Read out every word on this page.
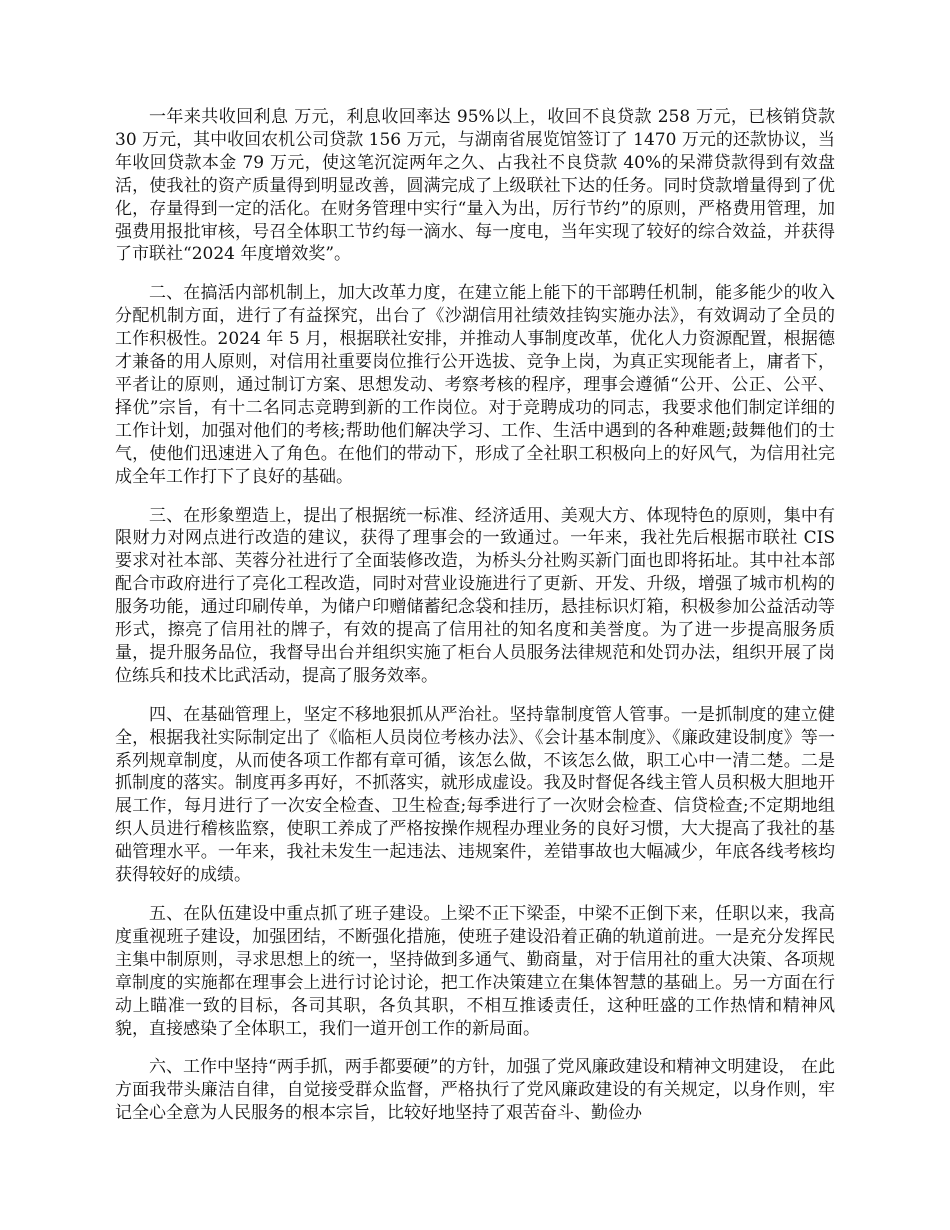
一年来共收回利息 万元，利息收回率达 95%以上，收回不良贷款 258 万元，已核销贷款 30 万元，其中收回农机公司贷款 156 万元，与湖南省展览馆签订了 1470 万元的还款协议，当年收回贷款本金 79 万元，使这笔沉淀两年之久、占我社不良贷款 40%的呆滞贷款得到有效盘活，使我社的资产质量得到明显改善，圆满完成了上级联社下达的任务。同时贷款增量得到了优化，存量得到一定的活化。在财务管理中实行“量入为出，厉行节约”的原则，严格费用管理，加强费用报批审核，号召全体职工节约每一滴水、每一度电，当年实现了较好的综合效益，并获得了市联社“2024 年度增效奖”。

二、在搞活内部机制上，加大改革力度，在建立能上能下的干部聘任机制，能多能少的收入分配机制方面，进行了有益探究，出台了《沙湖信用社绩效挂钩实施办法》，有效调动了全员的工作积极性。2024 年 5 月，根据联社安排，并推动人事制度改革，优化人力资源配置，根据德才兼备的用人原则，对信用社重要岗位推行公开选拔、竞争上岗，为真正实现能者上，庸者下，平者让的原则，通过制订方案、思想发动、考察考核的程序，理事会遵循“公开、公正、公平、择优”宗旨，有十二名同志竞聘到新的工作岗位。对于竞聘成功的同志，我要求他们制定详细的工作计划，加强对他们的考核;帮助他们解决学习、工作、生活中遇到的各种难题;鼓舞他们的士气，使他们迅速进入了角色。在他们的带动下，形成了全社职工积极向上的好风气，为信用社完成全年工作打下了良好的基础。

三、在形象塑造上，提出了根据统一标准、经济适用、美观大方、体现特色的原则，集中有限财力对网点进行改造的建议，获得了理事会的一致通过。一年来，我社先后根据市联社 CIS 要求对社本部、芙蓉分社进行了全面装修改造，为桥头分社购买新门面也即将拓址。其中社本部配合市政府进行了亮化工程改造，同时对营业设施进行了更新、开发、升级，增强了城市机构的服务功能，通过印刷传单，为储户印赠储蓄纪念袋和挂历，悬挂标识灯箱，积极参加公益活动等形式，擦亮了信用社的牌子，有效的提高了信用社的知名度和美誉度。为了进一步提高服务质量，提升服务品位，我督导出台并组织实施了柜台人员服务法律规范和处罚办法，组织开展了岗位练兵和技术比武活动，提高了服务效率。

四、在基础管理上，坚定不移地狠抓从严治社。坚持靠制度管人管事。一是抓制度的建立健全，根据我社实际制定出了《临柜人员岗位考核办法》、《会计基本制度》、《廉政建设制度》等一系列规章制度，从而使各项工作都有章可循，该怎么做，不该怎么做，职工心中一清二楚。二是抓制度的落实。制度再多再好，不抓落实，就形成虚设。我及时督促各线主管人员积极大胆地开展工作，每月进行了一次安全检查、卫生检查;每季进行了一次财会检查、信贷检查;不定期地组织人员进行稽核监察，使职工养成了严格按操作规程办理业务的良好习惯，大大提高了我社的基础管理水平。一年来，我社未发生一起违法、违规案件，差错事故也大幅减少，年底各线考核均获得较好的成绩。

五、在队伍建设中重点抓了班子建设。上梁不正下梁歪，中梁不正倒下来，任职以来，我高度重视班子建设，加强团结，不断强化措施，使班子建设沿着正确的轨道前进。一是充分发挥民主集中制原则，寻求思想上的统一，坚持做到多通气、勤商量，对于信用社的重大决策、各项规章制度的实施都在理事会上进行讨论讨论，把工作决策建立在集体智慧的基础上。另一方面在行动上瞄准一致的目标，各司其职，各负其职，不相互推诿责任，这种旺盛的工作热情和精神风貌，直接感染了全体职工，我们一道开创工作的新局面。

六、工作中坚持“两手抓，两手都要硬”的方针，加强了党风廉政建设和精神文明建设， 在此方面我带头廉洁自律，自觉接受群众监督，严格执行了党风廉政建设的有关规定，以身作则，牢记全心全意为人民服务的根本宗旨，比较好地坚持了艰苦奋斗、勤俭办
